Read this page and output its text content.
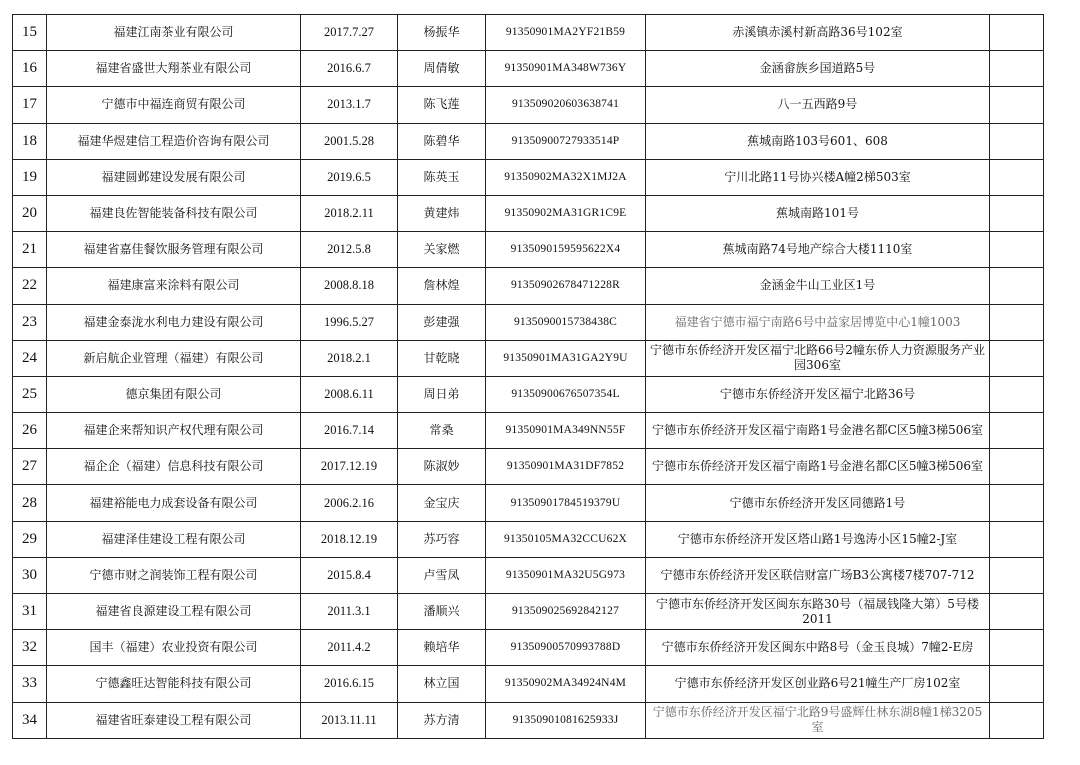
15	福建江南茶业有限公司	2017.7.27	杨振华	91350901MA2YF21B59	赤溪镇赤溪村新高路36号102室	
16	福建省盛世大翔茶业有限公司	2016.6.7	周倩敏	91350901MA348W736Y	金涵畲族乡国道路5号	
17	宁德市中福连商贸有限公司	2013.1.7	陈飞莲	913509020603638741	八一五西路9号	
18	福建华煜建信工程造价咨询有限公司	2001.5.28	陈碧华	91350900727933514P	蕉城南路103号601、608	
19	福建圆邺建设发展有限公司	2019.6.5	陈英玉	91350902MA32X1MJ2A	宁川北路11号协兴楼A幢2梯503室	
20	福建良佐智能装备科技有限公司	2018.2.11	黄建炜	91350902MA31GR1C9E	蕉城南路101号	
21	福建省嘉佳餐饮服务管理有限公司	2012.5.8	关家燃	9135090159595622X4	蕉城南路74号地产综合大楼1110室	
22	福建康富来涂料有限公司	2008.8.18	詹林煌	91350902678471228R	金涵金牛山工业区1号	
23	福建金泰泷水利电力建设有限公司	1996.5.27	彭建强	9135090015738438C	福建省宁德市福宁南路6号中益家居博览中心1幢1003	
24	新启航企业管理（福建）有限公司	2018.2.1	甘乾晓	91350901MA31GA2Y9U	宁德市东侨经济开发区福宁北路66号2幢东侨人力资源服务产业园306室	
25	德京集团有限公司	2008.6.11	周日弟	91350900676507354L	宁德市东侨经济开发区福宁北路36号	
26	福建企来帮知识产权代理有限公司	2016.7.14	常桑	91350901MA349NN55F	宁德市东侨经济开发区福宁南路1号金港名都C区5幢3梯506室	
27	福企企（福建）信息科技有限公司	2017.12.19	陈淑妙	91350901MA31DF7852	宁德市东侨经济开发区福宁南路1号金港名都C区5幢3梯506室	
28	福建裕能电力成套设备有限公司	2006.2.16	金宝庆	91350901784519379U	宁德市东侨经济开发区同德路1号	
29	福建泽佳建设工程有限公司	2018.12.19	苏巧容	91350105MA32CCU62X	宁德市东侨经济开发区塔山路1号逸涛小区15幢2-J室	
30	宁德市财之润装饰工程有限公司	2015.8.4	卢雪凤	91350901MA32U5G973	宁德市东侨经济开发区联信财富广场B3公寓楼7楼707-712	
31	福建省良源建设工程有限公司	2011.3.1	潘顺兴	913509025692842127	宁德市东侨经济开发区闽东东路30号（福晟钱隆大第）5号楼2011	
32	国丰（福建）农业投资有限公司	2011.4.2	赖培华	91350900570993788D	宁德市东侨经济开发区闽东中路8号（金玉良城）7幢2-E房	
33	宁德鑫旺达智能科技有限公司	2016.6.15	林立国	91350902MA34924N4M	宁德市东侨经济开发区创业路6号21幢生产厂房102室	
34	福建省旺泰建设工程有限公司	2013.11.11	苏方清	91350901081625933J	宁德市东侨经济开发区福宁北路9号盛辉仕林东湖8幢1梯3205室	
